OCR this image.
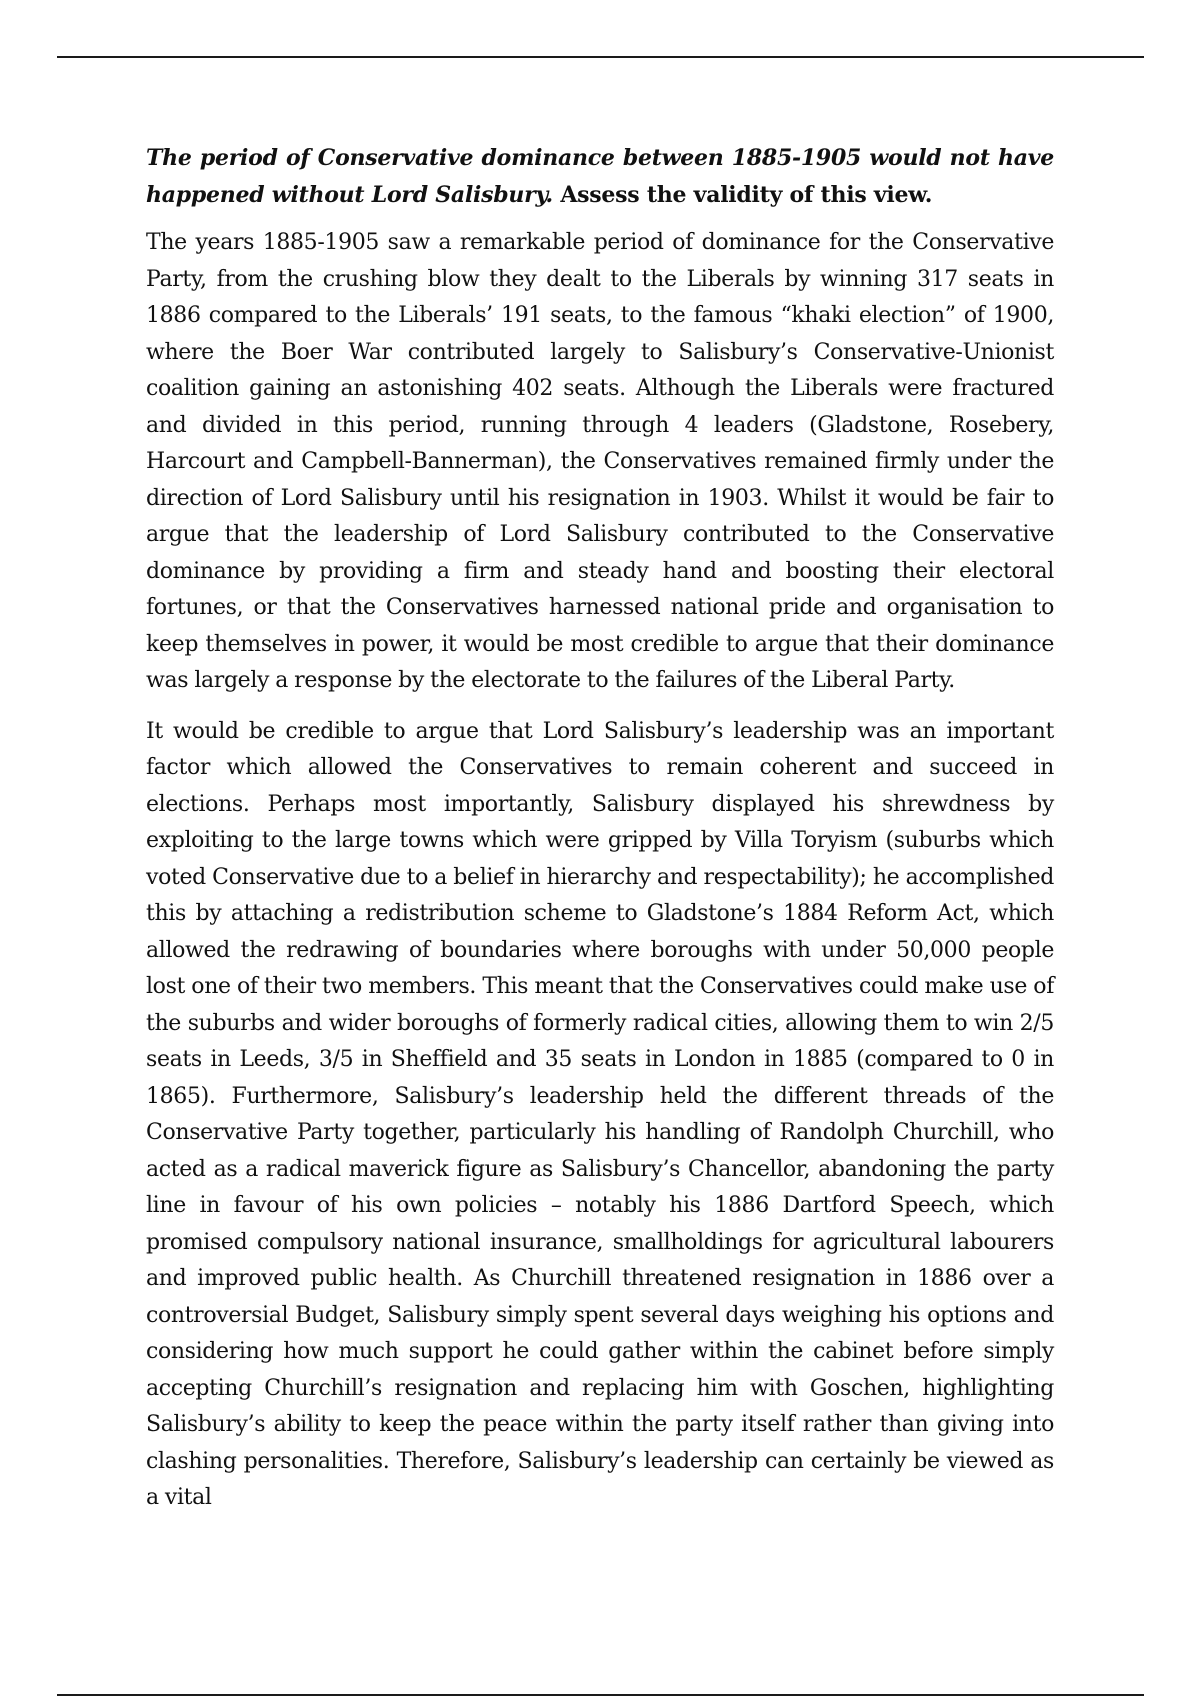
The period of Conservative dominance between 1885-1905 would not have happened without Lord Salisbury. Assess the validity of this view.

The years 1885-1905 saw a remarkable period of dominance for the Conservative Party, from the crushing blow they dealt to the Liberals by winning 317 seats in 1886 compared to the Liberals’ 191 seats, to the famous “khaki election” of 1900, where the Boer War contributed largely to Salisbury’s Conservative-Unionist coalition gaining an astonishing 402 seats. Although the Liberals were fractured and divided in this period, running through 4 leaders (Gladstone, Rosebery, Harcourt and Campbell-Bannerman), the Conservatives remained firmly under the direction of Lord Salisbury until his resignation in 1903. Whilst it would be fair to argue that the leadership of Lord Salisbury contributed to the Conservative dominance by providing a firm and steady hand and boosting their electoral fortunes, or that the Conservatives harnessed national pride and organisation to keep themselves in power, it would be most credible to argue that their dominance was largely a response by the electorate to the failures of the Liberal Party.

It would be credible to argue that Lord Salisbury’s leadership was an important factor which allowed the Conservatives to remain coherent and succeed in elections. Perhaps most importantly, Salisbury displayed his shrewdness by exploiting to the large towns which were gripped by Villa Toryism (suburbs which voted Conservative due to a belief in hierarchy and respectability); he accomplished this by attaching a redistribution scheme to Gladstone’s 1884 Reform Act, which allowed the redrawing of boundaries where boroughs with under 50,000 people lost one of their two members. This meant that the Conservatives could make use of the suburbs and wider boroughs of formerly radical cities, allowing them to win 2/5 seats in Leeds, 3/5 in Sheffield and 35 seats in London in 1885 (compared to 0 in 1865). Furthermore, Salisbury’s leadership held the different threads of the Conservative Party together, particularly his handling of Randolph Churchill, who acted as a radical maverick figure as Salisbury’s Chancellor, abandoning the party line in favour of his own policies – notably his 1886 Dartford Speech, which promised compulsory national insurance, smallholdings for agricultural labourers and improved public health. As Churchill threatened resignation in 1886 over a controversial Budget, Salisbury simply spent several days weighing his options and considering how much support he could gather within the cabinet before simply accepting Churchill’s resignation and replacing him with Goschen, highlighting Salisbury’s ability to keep the peace within the party itself rather than giving into clashing personalities. Therefore, Salisbury’s leadership can certainly be viewed as a vital
